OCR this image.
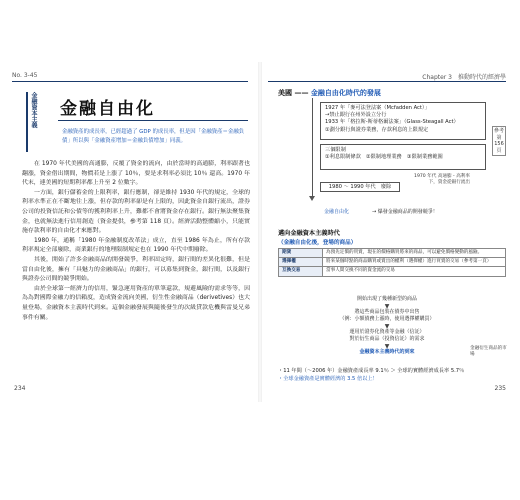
No. 3-45
金融資本主義 金融自由化
金融資產的成長率，已經超過了 GDP 的成長率，但是因「金融資產＝金融負債」所以與「金融資產增加＝金融負債增加」同義。

在 1970 年代美國的高通膨，反覆了資金的流向，由於當時的高通膨，利率跟著也翻漲，資金借出期間，物價若是上漲了 10％，要是求利率必須比 10％ 還高。1970 年代末，連美國的短期利率都上升至 2 位數字。

一方面，銀行儲蓄金的上限利率，銀行應制，卻是維持 1930 年代的規定，全球的利率水準正在不斷地往上漲，但存款的利率卻是有上限的，因此資金自銀行流出，證券公司的投資信託和公債等的獲利利率上升，難都不會將資金存在銀行。銀行無法聚集資金，也就無法進行信用創造（資金提供，參考第 118 頁）。經濟活動整體縮小，只能實施存款利率的自由化才來應對。

1980 年，通稱「1980 年金融制度改革法」成立，直至 1986 年為止，所有存款利率規定全部廢除，商業銀行的地理限制規定也在 1990 年代中期廢除。

其後，開始了許多金融商品的開發競爭，利率固定時，銀行間的差異化很難，但是當自由化後，擁有「具魅力的金融商品」的銀行，可以募集到資金，銀行間，以及銀行與證券公司間的競爭開始。

由於全球第一經濟力的信用，緊急運用資產的單筆還款，規避風險的需求等等，因為為對國際金融力的信賴度，造成資金流向美國，衍生性金融商品（derivetives）也大量登場，金融資本主義時代到來。這個金融發展與隨後發生的次級貸款危機與雷曼兄弟事件有關。

234
Chapter 3　推動時代的經濟學
美國 —— 金融自由化時代的發展
1927 年「麥可法登法案（Mcfadden Act）」
→禁止銀行在州外設立分行
1933 年「格拉斯-斯蒂格爾法案」（Glass-Steagall Act）
①劃分銀行與證券業務，存款利息的上限規定
三個限制
①利息限制條款　②限制地理業務　③限制業務範圍
1980 ～ 1990 年代　廢除
參考第 156 頁
1970 年代 高通膨・高利率下，資金從銀行流出
金融自由化	→ 爆發金融商品的開發競爭！
邁向金融資本主義時代
（金融自由化後，登場的商品）
期貨	為預先定價的買賣，現在的價格購買將來的商品，可以避免價格變動的風險。
選擇權	將來某個時點的商品購買或賣出的權利（選擇權）進行買賣的交易（參考第一頁）
互換交易	當事人間交換不同的資金流的交易
開始出現了幾種新型的商品
▼
將這些商品包裝在債券中出售
（例：小額債務上漲時，使用選擇權購買）
▼
運用於證券化資產等金融（信託）
對於衍生商品（投資信託）的需求
▼
金融資本主義時代的到來	金融衍生商品的市場
・11 年間（～2006 年）金融資產成長率 9.1％ ＞ 全球的實體經濟成長率 5.7％
・全球金融資產是實體經濟的 3.5 倍以上！
235
